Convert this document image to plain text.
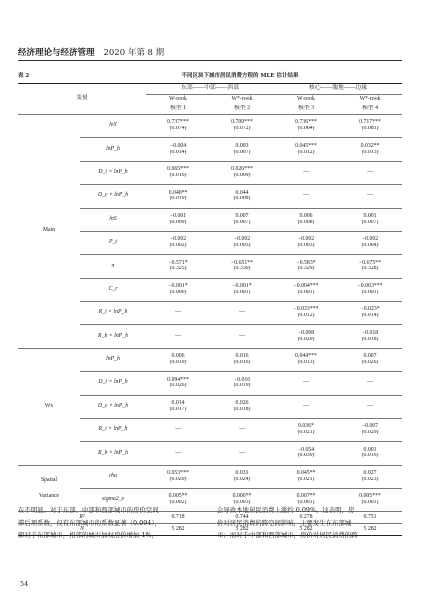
经济理论与经济管理 2020 年第 8 期
表 2	不同区块下城市居民消费方程的 MLE 估计结果
变量		东部——中部——西部		核心——腹地——边缘	
		W-rook	W*-rook	W-rook	W*-rook
		模型 1	模型 2	模型 3	模型 4

Main	lnY	0.737***	0.709***	0.736***	0.717***
		(0.074)	(0.072)	(0.064)	(0.081)
	lnP_h	−0.004	0.003	0.045***	0.032**
		(0.014)	(0.007)	(0.012)	(0.013)
	D_i × lnP_h	0.065***	0.026***	—	—
		(0.016)	(0.009)		
	D_c × lnP_h	0.040**	0.044	—	—
		(0.019)	(0.008)		
	lnS	−0.001	0.007	0.006	0.001
		(0.009)	(0.007)	(0.008)	(0.007)
	P_t	−0.002	−0.002	−0.002	−0.002
		(0.002)	(0.005)	(0.003)	(0.004)
	π	−0.571*	−0.651**	−0.583*	−0.675**
		(0.325)	(0.330)	(0.329)	(0.328)
	C_r	−0.001*	−0.001*	−0.004***	−0.003***
		(0.000)	(0.001)	(0.001)	(0.001)
	R_i × lnP_h	—	—	−0.033***	−0.023*
				(0.012)	(0.014)
	R_b × lnP_h	—	—	−0.008	−0.018
				(0.020)	(0.018)

Wx	lnP_h	0.006	0.016	0.044***	0.007
		(0.019)	(0.016)	(0.013)	(0.026)
	D_i × lnP_h	0.094***	−0.016	—	—
		(0.026)	(0.019)		
	D_c × lnP_h	0.014	0.026	—	—
		(0.017)	(0.018)		
	R_i × lnP_h	—	—	0.036*	−0.007
				(0.021)	(0.029)
	R_b × lnP_h	—	—	−0.054	0.001
				(0.039)	(0.016)

Spatial
Variance	rho	0.053***	0.031	0.045**	0.027
		(0.020)	(0.024)	(0.021)	(0.023)
	sigma2_e	0.005**	0.006**	0.007**	0.005***
		(0.002)	(0.003)	(0.001)	(0.001)
R²		0.718	0.744	0.278	0.751
N		5 282	5 282	5 282	5 282
在不明显。对于东部、中部和西部城市的房价空间
滞后项系数，仅有东部城市的系数显著（0.094），
即对于东部城市，相邻的城市加权房价增加 1%，
会导致本地居民消费上涨约 0.09%。这表明，房
价对居民消费的跨空间影响，主要发生在东部城
市；而对于中部和西部城市，房价对居民消费的跨
54
